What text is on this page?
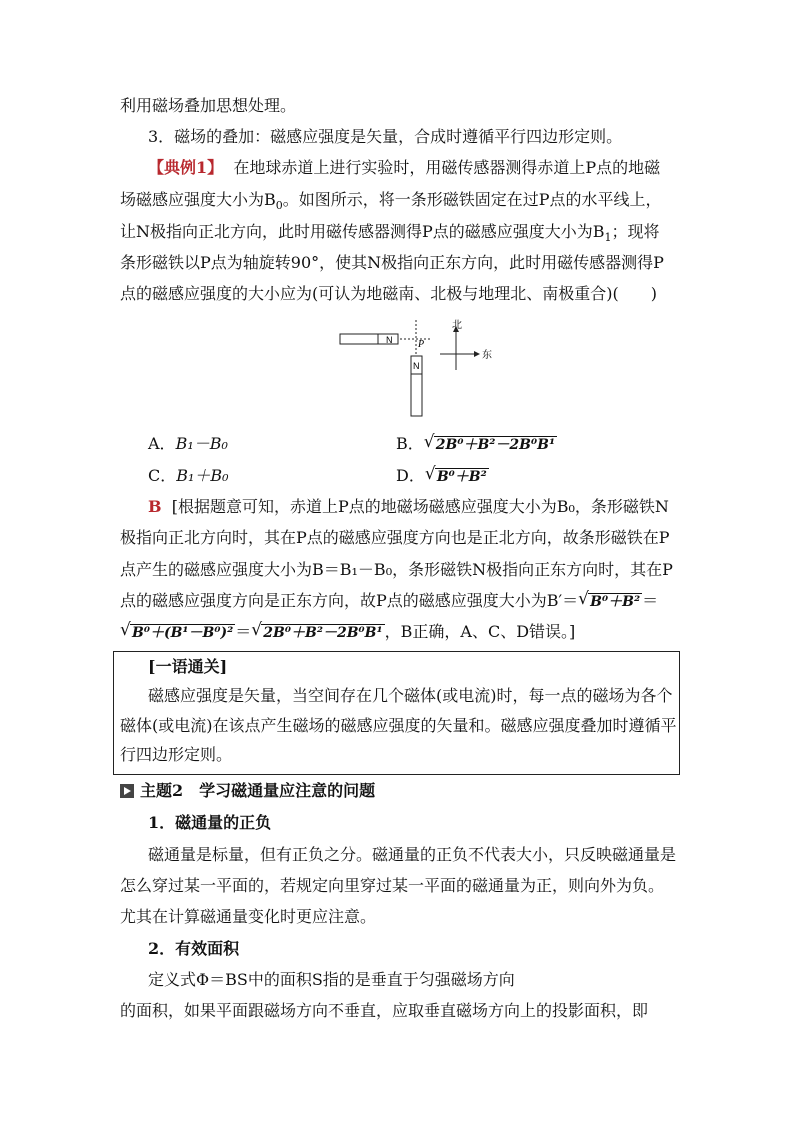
利用磁场叠加思想处理。
3．磁场的叠加：磁感应强度是矢量，合成时遵循平行四边形定则。
【典例1】 在地球赤道上进行实验时，用磁传感器测得赤道上P点的地磁
场磁感应强度大小为$B_0$。如图所示，将一条形磁铁固定在过P点的水平线上，
让N极指向正北方向，此时用磁传感器测得P点的磁感应强度大小为$B_1$；现将
条形磁铁以P点为轴旋转90°，使其N极指向正东方向，此时用磁传感器测得P
点的磁感应强度的大小应为(可认为地磁南、北极与地理北、南极重合)(　　)
N	P
N
北
东
A．B₁－B₀	B． √ 2B⁰＋B²－2B⁰B¹
C．B₁＋B₀	D． √ B⁰＋B²
B [根据题意可知，赤道上P点的地磁场磁感应强度大小为B₀，条形磁铁N
极指向正北方向时，其在P点的磁感应强度方向也是正北方向，故条形磁铁在P
点产生的磁感应强度大小为B＝B₁－B₀，条形磁铁N极指向正东方向时，其在P
点的磁感应强度方向是正东方向，故P点的磁感应强度大小为B′＝ √ B⁰＋B² ＝
√ B⁰＋(B¹－B⁰)² ＝ √ 2B⁰＋B²－2B⁰B¹ ，B正确，A、C、D错误。]
[一语通关]
磁感应强度是矢量，当空间存在几个磁体(或电流)时，每一点的磁场为各个
磁体(或电流)在该点产生磁场的磁感应强度的矢量和。磁感应强度叠加时遵循平
行四边形定则。
主题2　学习磁通量应注意的问题
1．磁通量的正负
磁通量是标量，但有正负之分。磁通量的正负不代表大小，只反映磁通量是
怎么穿过某一平面的，若规定向里穿过某一平面的磁通量为正，则向外为负。
尤其在计算磁通量变化时更应注意。
2．有效面积
定义式Φ＝BS中的面积S指的是垂直于匀强磁场方向
的面积，如果平面跟磁场方向不垂直，应取垂直磁场方向上的投影面积，即
